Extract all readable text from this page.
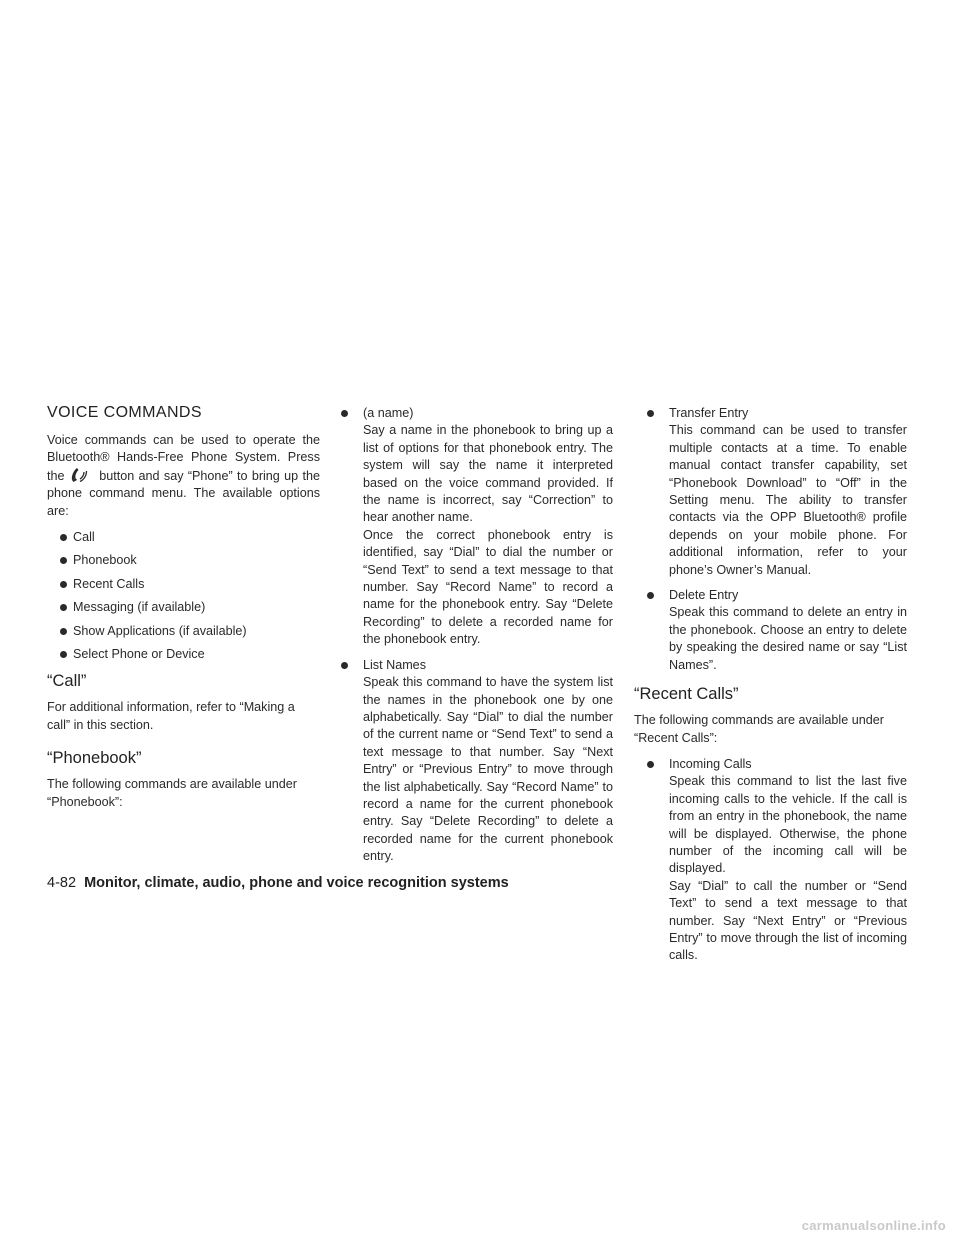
VOICE COMMANDS

Voice commands can be used to operate the Bluetooth® Hands-Free Phone System. Press the	button and say “Phone” to bring up the phone command menu. The available options are:

Call
Phonebook
Recent Calls
Messaging (if available)
Show Applications (if available)
Select Phone or Device
“Call”

For additional information, refer to “Making a call” in this section.

“Phonebook”

The following commands are available under “Phonebook”:

(a name)
Say a name in the phonebook to bring up a list of options for that phonebook entry. The system will say the name it interpreted based on the voice command provided. If the name is incorrect, say “Correction” to hear another name.
Once the correct phonebook entry is identified, say “Dial” to dial the number or “Send Text” to send a text message to that number. Say “Record Name” to record a name for the phonebook entry. Say “Delete Recording” to delete a recorded name for the phonebook entry.
List Names
Speak this command to have the system list the names in the phonebook one by one alphabetically. Say “Dial” to dial the number of the current name or “Send Text” to send a text message to that number. Say “Next Entry” or “Previous Entry” to move through the list alphabetically. Say “Record Name” to record a name for the current phonebook entry. Say “Delete Recording” to delete a recorded name for the current phonebook entry.
Transfer Entry
This command can be used to transfer multiple contacts at a time. To enable manual contact transfer capability, set “Phonebook Download” to “Off” in the Setting menu. The ability to transfer contacts via the OPP Bluetooth® profile depends on your mobile phone. For additional information, refer to your phone’s Owner’s Manual.
Delete Entry
Speak this command to delete an entry in the phonebook. Choose an entry to delete by speaking the desired name or say “List Names”.
“Recent Calls”

The following commands are available under “Recent Calls”:

Incoming Calls
Speak this command to list the last five incoming calls to the vehicle. If the call is from an entry in the phonebook, the name will be displayed. Otherwise, the phone number of the incoming call will be displayed.
Say “Dial” to call the number or “Send Text” to send a text message to that number. Say “Next Entry” or “Previous Entry” to move through the list of incoming calls.
4-82 Monitor, climate, audio, phone and voice recognition systems
carmanualsonline.info
